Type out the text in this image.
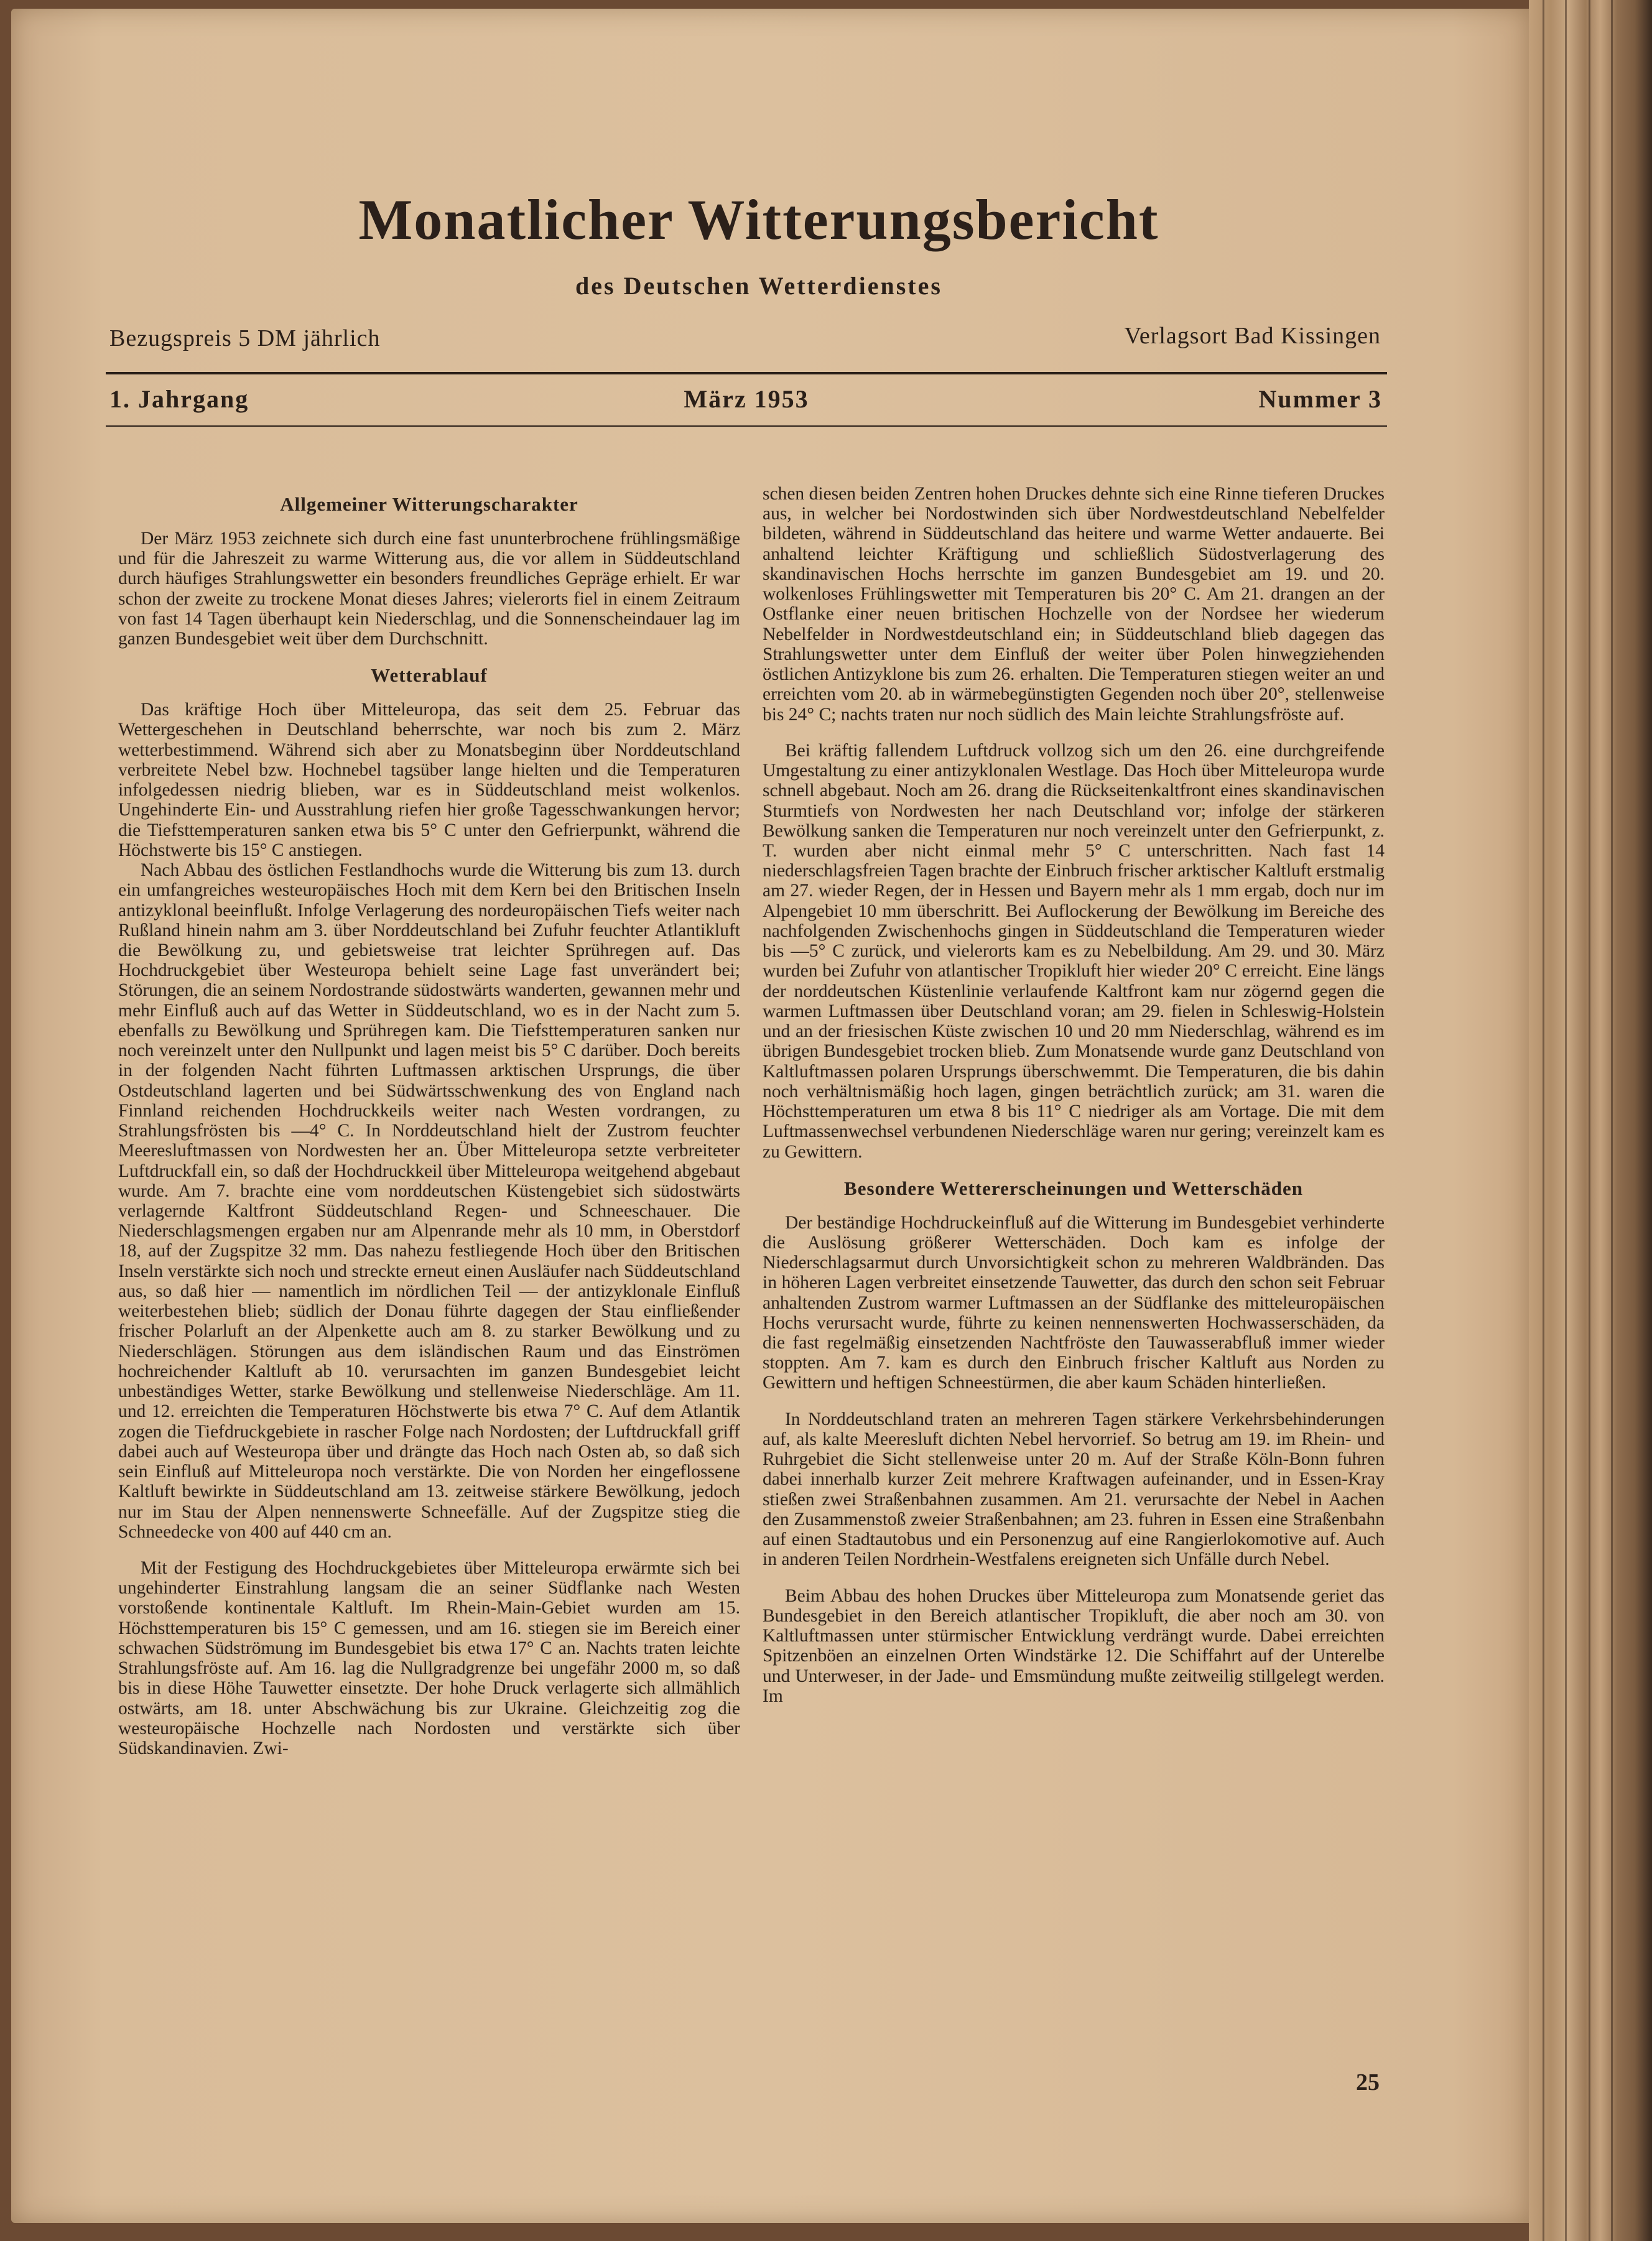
Monatlicher Witterungsbericht
des Deutschen Wetterdienstes
Bezugspreis 5 DM jährlich	Verlagsort Bad Kissingen
März 1953
1. Jahrgang	Nummer 3
Allgemeiner Witterungscharakter

Der März 1953 zeichnete sich durch eine fast ununterbrochene frühlingsmäßige und für die Jahreszeit zu warme Witterung aus, die vor allem in Süddeutschland durch häufiges Strahlungswetter ein besonders freundliches Gepräge erhielt. Er war schon der zweite zu trockene Monat dieses Jahres; vielerorts fiel in einem Zeitraum von fast 14 Tagen überhaupt kein Niederschlag, und die Sonnenscheindauer lag im ganzen Bundesgebiet weit über dem Durchschnitt.

Wetterablauf

Das kräftige Hoch über Mitteleuropa, das seit dem 25. Februar das Wettergeschehen in Deutschland beherrschte, war noch bis zum 2. März wetterbestimmend. Während sich aber zu Monatsbeginn über Norddeutschland verbreitete Nebel bzw. Hochnebel tagsüber lange hielten und die Temperaturen infolgedessen niedrig blieben, war es in Süddeutschland meist wolkenlos. Ungehinderte Ein- und Ausstrahlung riefen hier große Tagesschwankungen hervor; die Tiefsttemperaturen sanken etwa bis 5° C unter den Gefrierpunkt, während die Höchstwerte bis 15° C anstiegen.

Nach Abbau des östlichen Festlandhochs wurde die Witterung bis zum 13. durch ein umfangreiches westeuropäisches Hoch mit dem Kern bei den Britischen Inseln antizyklonal beeinflußt. Infolge Verlagerung des nordeuropäischen Tiefs weiter nach Rußland hinein nahm am 3. über Norddeutschland bei Zufuhr feuchter Atlantikluft die Bewölkung zu, und gebietsweise trat leichter Sprühregen auf. Das Hochdruckgebiet über Westeuropa behielt seine Lage fast unverändert bei; Störungen, die an seinem Nordostrande südostwärts wanderten, gewannen mehr und mehr Einfluß auch auf das Wetter in Süddeutschland, wo es in der Nacht zum 5. ebenfalls zu Bewölkung und Sprühregen kam. Die Tiefsttemperaturen sanken nur noch vereinzelt unter den Nullpunkt und lagen meist bis 5° C darüber. Doch bereits in der folgenden Nacht führten Luftmassen arktischen Ursprungs, die über Ostdeutschland lagerten und bei Südwärtsschwenkung des von England nach Finnland reichenden Hochdruckkeils weiter nach Westen vordrangen, zu Strahlungsfrösten bis —4° C. In Norddeutschland hielt der Zustrom feuchter Meeresluftmassen von Nordwesten her an. Über Mitteleuropa setzte verbreiteter Luftdruckfall ein, so daß der Hochdruckkeil über Mitteleuropa weitgehend abgebaut wurde. Am 7. brachte eine vom norddeutschen Küstengebiet sich südostwärts verlagernde Kaltfront Süddeutschland Regen- und Schneeschauer. Die Niederschlagsmengen ergaben nur am Alpenrande mehr als 10 mm, in Oberstdorf 18, auf der Zugspitze 32 mm. Das nahezu festliegende Hoch über den Britischen Inseln verstärkte sich noch und streckte erneut einen Ausläufer nach Süddeutschland aus, so daß hier — namentlich im nördlichen Teil — der antizyklonale Einfluß weiterbestehen blieb; südlich der Donau führte dagegen der Stau einfließender frischer Polarluft an der Alpenkette auch am 8. zu starker Bewölkung und zu Niederschlägen. Störungen aus dem isländischen Raum und das Einströmen hochreichender Kaltluft ab 10. verursachten im ganzen Bundesgebiet leicht unbeständiges Wetter, starke Bewölkung und stellenweise Niederschläge. Am 11. und 12. erreichten die Temperaturen Höchstwerte bis etwa 7° C. Auf dem Atlantik zogen die Tiefdruckgebiete in rascher Folge nach Nordosten; der Luftdruckfall griff dabei auch auf Westeuropa über und drängte das Hoch nach Osten ab, so daß sich sein Einfluß auf Mitteleuropa noch verstärkte. Die von Norden her eingeflossene Kaltluft bewirkte in Süddeutschland am 13. zeitweise stärkere Bewölkung, jedoch nur im Stau der Alpen nennenswerte Schneefälle. Auf der Zugspitze stieg die Schneedecke von 400 auf 440 cm an.

Mit der Festigung des Hochdruckgebietes über Mitteleuropa erwärmte sich bei ungehinderter Einstrahlung langsam die an seiner Südflanke nach Westen vorstoßende kontinentale Kaltluft. Im Rhein-Main-Gebiet wurden am 15. Höchsttemperaturen bis 15° C gemessen, und am 16. stiegen sie im Bereich einer schwachen Südströmung im Bundesgebiet bis etwa 17° C an. Nachts traten leichte Strahlungsfröste auf. Am 16. lag die Nullgradgrenze bei ungefähr 2000 m, so daß bis in diese Höhe Tauwetter einsetzte. Der hohe Druck verlagerte sich allmählich ostwärts, am 18. unter Abschwächung bis zur Ukraine. Gleichzeitig zog die westeuropäische Hochzelle nach Nordosten und verstärkte sich über Südskandinavien. Zwi-

schen diesen beiden Zentren hohen Druckes dehnte sich eine Rinne tieferen Druckes aus, in welcher bei Nordostwinden sich über Nordwestdeutschland Nebelfelder bildeten, während in Süddeutschland das heitere und warme Wetter andauerte. Bei anhaltend leichter Kräftigung und schließlich Südostverlagerung des skandinavischen Hochs herrschte im ganzen Bundesgebiet am 19. und 20. wolkenloses Frühlingswetter mit Temperaturen bis 20° C. Am 21. drangen an der Ostflanke einer neuen britischen Hochzelle von der Nordsee her wiederum Nebelfelder in Nordwestdeutschland ein; in Süddeutschland blieb dagegen das Strahlungswetter unter dem Einfluß der weiter über Polen hinwegziehenden östlichen Antizyklone bis zum 26. erhalten. Die Temperaturen stiegen weiter an und erreichten vom 20. ab in wärmebegünstigten Gegenden noch über 20°, stellenweise bis 24° C; nachts traten nur noch südlich des Main leichte Strahlungsfröste auf.

Bei kräftig fallendem Luftdruck vollzog sich um den 26. eine durchgreifende Umgestaltung zu einer antizyklonalen Westlage. Das Hoch über Mitteleuropa wurde schnell abgebaut. Noch am 26. drang die Rückseitenkaltfront eines skandinavischen Sturmtiefs von Nordwesten her nach Deutschland vor; infolge der stärkeren Bewölkung sanken die Temperaturen nur noch vereinzelt unter den Gefrierpunkt, z. T. wurden aber nicht einmal mehr 5° C unterschritten. Nach fast 14 niederschlagsfreien Tagen brachte der Einbruch frischer arktischer Kaltluft erstmalig am 27. wieder Regen, der in Hessen und Bayern mehr als 1 mm ergab, doch nur im Alpengebiet 10 mm überschritt. Bei Auflockerung der Bewölkung im Bereiche des nachfolgenden Zwischenhochs gingen in Süddeutschland die Temperaturen wieder bis —5° C zurück, und vielerorts kam es zu Nebelbildung. Am 29. und 30. März wurden bei Zufuhr von atlantischer Tropikluft hier wieder 20° C erreicht. Eine längs der norddeutschen Küstenlinie verlaufende Kaltfront kam nur zögernd gegen die warmen Luftmassen über Deutschland voran; am 29. fielen in Schleswig-Holstein und an der friesischen Küste zwischen 10 und 20 mm Niederschlag, während es im übrigen Bundesgebiet trocken blieb. Zum Monatsende wurde ganz Deutschland von Kaltluftmassen polaren Ursprungs überschwemmt. Die Temperaturen, die bis dahin noch verhältnismäßig hoch lagen, gingen beträchtlich zurück; am 31. waren die Höchsttemperaturen um etwa 8 bis 11° C niedriger als am Vortage. Die mit dem Luftmassenwechsel verbundenen Niederschläge waren nur gering; vereinzelt kam es zu Gewittern.

Besondere Wettererscheinungen und Wetterschäden

Der beständige Hochdruckeinfluß auf die Witterung im Bundesgebiet verhinderte die Auslösung größerer Wetterschäden. Doch kam es infolge der Niederschlagsarmut durch Unvorsichtigkeit schon zu mehreren Waldbränden. Das in höheren Lagen verbreitet einsetzende Tauwetter, das durch den schon seit Februar anhaltenden Zustrom warmer Luftmassen an der Südflanke des mitteleuropäischen Hochs verursacht wurde, führte zu keinen nennenswerten Hochwasserschäden, da die fast regelmäßig einsetzenden Nachtfröste den Tauwasserabfluß immer wieder stoppten. Am 7. kam es durch den Einbruch frischer Kaltluft aus Norden zu Gewittern und heftigen Schneestürmen, die aber kaum Schäden hinterließen.

In Norddeutschland traten an mehreren Tagen stärkere Verkehrsbehinderungen auf, als kalte Meeresluft dichten Nebel hervorrief. So betrug am 19. im Rhein- und Ruhrgebiet die Sicht stellenweise unter 20 m. Auf der Straße Köln-Bonn fuhren dabei innerhalb kurzer Zeit mehrere Kraftwagen aufeinander, und in Essen-Kray stießen zwei Straßenbahnen zusammen. Am 21. verursachte der Nebel in Aachen den Zusammenstoß zweier Straßenbahnen; am 23. fuhren in Essen eine Straßenbahn auf einen Stadtautobus und ein Personenzug auf eine Rangierlokomotive auf. Auch in anderen Teilen Nordrhein-Westfalens ereigneten sich Unfälle durch Nebel.

Beim Abbau des hohen Druckes über Mitteleuropa zum Monatsende geriet das Bundesgebiet in den Bereich atlantischer Tropikluft, die aber noch am 30. von Kaltluftmassen unter stürmischer Entwicklung verdrängt wurde. Dabei erreichten Spitzenböen an einzelnen Orten Windstärke 12. Die Schiffahrt auf der Unterelbe und Unterweser, in der Jade- und Emsmündung mußte zeitweilig stillgelegt werden. Im

25
